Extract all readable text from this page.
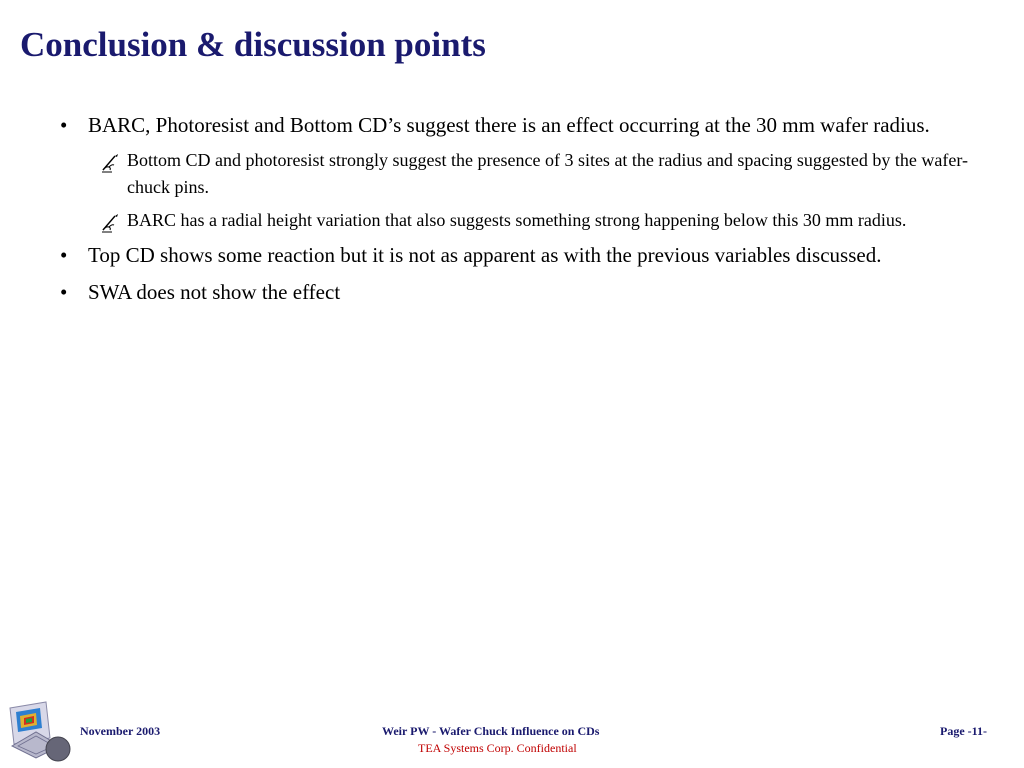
Conclusion & discussion points
• BARC, Photoresist and Bottom CD’s suggest there is an effect occurring at the 30 mm wafer radius.
Bottom CD and photoresist strongly suggest the presence of 3 sites at the radius and spacing suggested by the wafer-chuck pins.
BARC has a radial height variation that also suggests something strong happening below this 30 mm radius.
• Top CD shows some reaction but it is not as apparent as with the previous variables discussed.
• SWA does not show the effect
November 2003	Weir PW - Wafer Chuck Influence on CDs	Page -11-
TEA Systems Corp. Confidential
